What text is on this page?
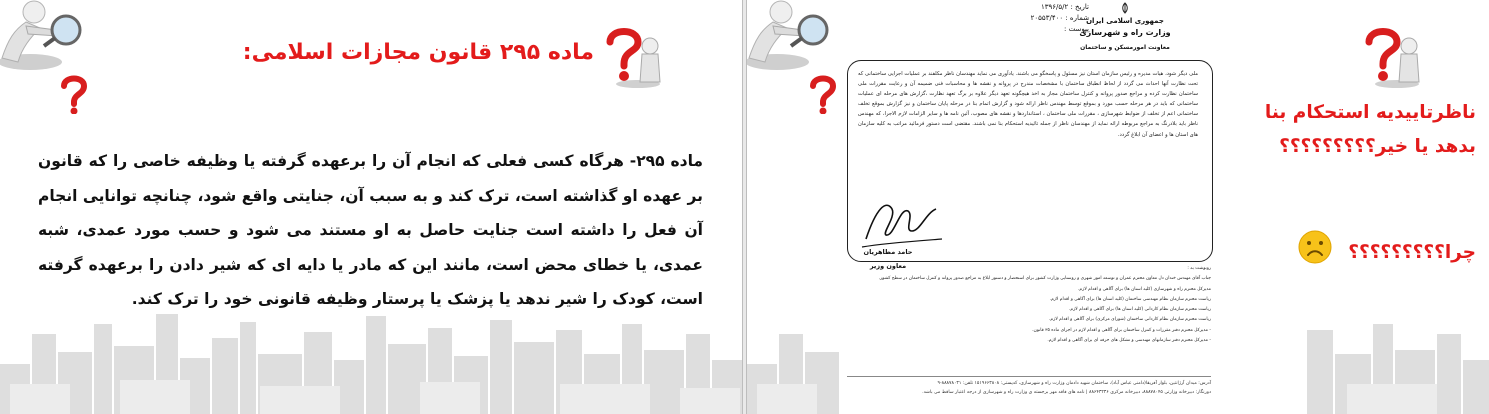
ماده ۲۹۵ قانون مجازات اسلامی:
ماده ۲۹۵- هرگاه کسی فعلی که انجام آن را برعهده گرفته یا وظیفه خاصی را که قانون بر عهده او گذاشته است، ترک کند و به سبب آن، جنایتی واقع شود، چنانچه توانایی انجام آن فعل را داشته است جنایت حاصل به او مستند می شود و حسب مورد عمدی، شبه عمدی، یا خطای محض است، مانند این که مادر یا دایه ای که شیر دادن را برعهده گرفته است، کودک را شیر ندهد یا پزشک یا پرستار وظیفه قانونی خود را ترک کند.
تاریخ : ۱۳۹۶/۵/۲
شماره : ۲۰۵۵۳/۴۰۰
پیوست :
جمهوری اسلامی ایران
وزارت راه و شهرسازی
معاونت امورمسکن و ساختمان
ملی دیگر شود، هیات مدیره و رئیس سازمان استان نیز مسئول و پاسخگو می باشند. یادآوری می نماید مهندسان ناظر مکلفند بر عملیات اجرایی ساختمانی که تحت نظارت آنها احداث می گردد از لحاظ انطباق ساختمان با مشخصات مندرج در پروانه و نقشه ها و محاسبات فنی ضمیمه آن و رعایت مقررات ملی ساختمان نظارت کرده و مراجع صدور پروانه و کنترل ساختمان مجاز به اخذ هیچگونه تعهد دیگر علاوه بر برگ تعهد نظارت ،گزارش های مرحله ای عملیات ساختمانی که باید در هر مرحله حسب مورد و بموقع توسط مهندس ناظر ارائه شود و گزارش اتمام بنا در مرحله پایان ساختمان و نیز گزارش بموقع تخلف ساختمانی اعم از تخلف از ضوابط شهرسازی ، مقررات ملی ساختمان ، استانداردها و نقشه های مصوب، آئین نامه ها و سایر الزامات لازم الاجرا، که مهندس ناظر باید بلادرنگ به مراجع مربوطه ارائه نماید از مهندسان ناظر از جمله تائیدیه استحکام بنا نمی باشند. مقتضی است دستور فرمائید مراتب به کلیه سازمان های استان ها و اعضای آن ابلاغ گردد.
حامد مظاهریان
معاون وزیر	رونوشت به :
جناب آقای مهندس خندان دل معاون محترم عمران و توسعه امور شهری و روستایی وزارت کشور برای استحضار و دستور ابلاغ به مراجع صدور پروانه و کنترل ساختمان در سطح کشور.
مدیرکل محترم راه و شهرسازی (کلیه استان ها) برای آگاهی و اقدام لازم.
ریاست محترم سازمان نظام مهندسی ساختمان (کلیه استان ها) برای آگاهی و اقدام لازم.
ریاست محترم سازمان نظام کاردانی (کلیه استان ها) برای آگاهی و اقدام لازم.
ریاست محترم سازمان نظام کاردانی ساختمان (شورای مرکزی) برای آگاهی و اقدام لازم.
- مدیرکل محترم دفتر مقررات و کنترل ساختمان برای آگاهی و اقدام لازم در اجرای ماده ۳۵ قانون.
- مدیرکل محترم دفتر سازمانهای مهندسی و تشکل های حرفه ای برای آگاهی و اقدام لازم.
آدرس: میدان آرژانتین، بلوار آفریقا(دامنی عباس آباد)، ساختمان شهید دادمان وزارت راه و شهرسازی، کدپستی: ۱۵۱۹۶۶۳۸۰۸ تلفن: ۸۸۸۷۸۰۳۱-۹
دورنگار: دبیرخانه وزارتی ۸۸۸۷۸۰۴۵، دبیرخانه مرکزی ۸۸۶۴۳۲۳۶ | نامه های فاقد مهر برجسته ی وزارت راه و شهرسازی از درجه اعتبار ساقط می باشد.
ناظرتاییدیه استحکام بنا
بدهد یا خیر؟؟؟؟؟؟؟؟؟
چرا؟؟؟؟؟؟؟؟؟
